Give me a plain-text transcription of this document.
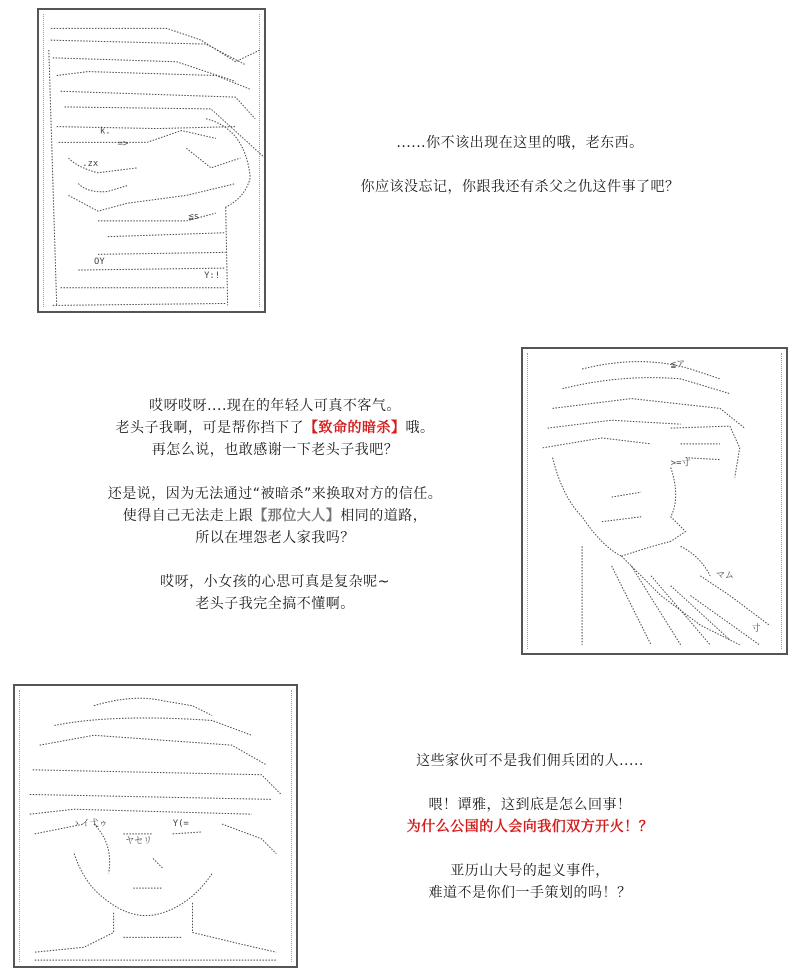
k.
=>
.zx
≦s
OY
Y:!

......你不该出现在这里的哦，老东西。

你应该没忘记，你跟我还有杀父之仇这件事了吧？

哎呀哎呀....现在的年轻人可真不客气。

老头子我啊，可是帮你挡下了【致命的暗杀】哦。

再怎么说，也敢感谢一下老头子我吧？

还是说，因为无法通过“被暗杀”来换取对方的信任。

使得自己无法走上跟【那位大人】相同的道路，

所以在埋怨老人家我吗？

哎呀，小女孩的心思可真是复杂呢~

老头子我完全搞不懂啊。

≦ア
>=寸
マム
寸
ヤセリ
ゝイ弋ゥ	Y(=

这些家伙可不是我们佣兵团的人.....

喂！谭雅，这到底是怎么回事！

为什么公国的人会向我们双方开火！？

亚历山大号的起义事件，

难道不是你们一手策划的吗！？
